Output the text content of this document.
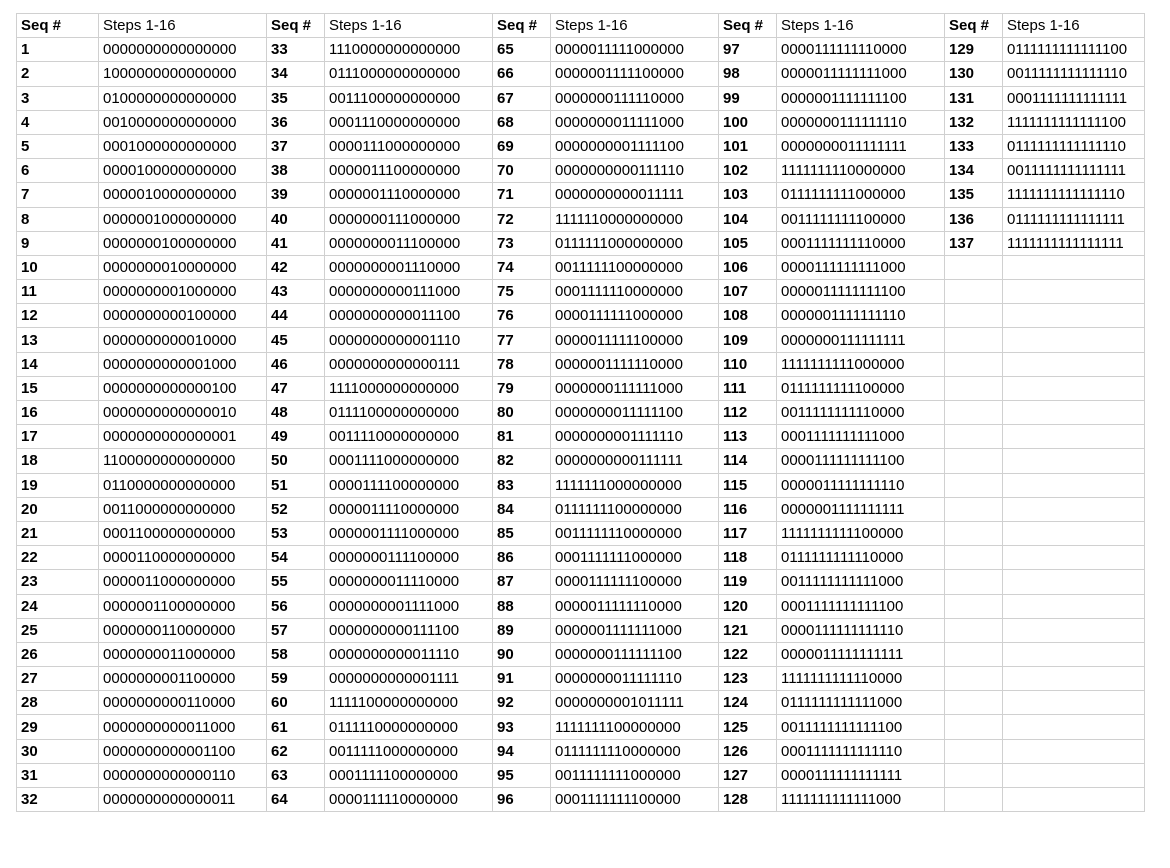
Seq #	Steps 1-16	Seq #	Steps 1-16	Seq #	Steps 1-16	Seq #	Steps 1-16	Seq #	Steps 1-16
1	0000000000000000	33	1110000000000000	65	0000011111000000	97	0000111111110000	129	0111111111111100
2	1000000000000000	34	0111000000000000	66	0000001111100000	98	0000011111111000	130	0011111111111110
3	0100000000000000	35	0011100000000000	67	0000000111110000	99	0000001111111100	131	0001111111111111
4	0010000000000000	36	0001110000000000	68	0000000011111000	100	0000000111111110	132	1111111111111100
5	0001000000000000	37	0000111000000000	69	0000000001111100	101	0000000011111111	133	0111111111111110
6	0000100000000000	38	0000011100000000	70	0000000000111110	102	1111111110000000	134	0011111111111111
7	0000010000000000	39	0000001110000000	71	0000000000011111	103	0111111111000000	135	1111111111111110
8	0000001000000000	40	0000000111000000	72	1111110000000000	104	0011111111100000	136	0111111111111111
9	0000000100000000	41	0000000011100000	73	0111111000000000	105	0001111111110000	137	1111111111111111
10	0000000010000000	42	0000000001110000	74	0011111100000000	106	0000111111111000		
11	0000000001000000	43	0000000000111000	75	0001111110000000	107	0000011111111100		
12	0000000000100000	44	0000000000011100	76	0000111111000000	108	0000001111111110		
13	0000000000010000	45	0000000000001110	77	0000011111100000	109	0000000111111111		
14	0000000000001000	46	0000000000000111	78	0000001111110000	110	1111111111000000		
15	0000000000000100	47	1111000000000000	79	0000000111111000	111	0111111111100000		
16	0000000000000010	48	0111100000000000	80	0000000011111100	112	0011111111110000		
17	0000000000000001	49	0011110000000000	81	0000000001111110	113	0001111111111000		
18	1100000000000000	50	0001111000000000	82	0000000000111111	114	0000111111111100		
19	0110000000000000	51	0000111100000000	83	1111111000000000	115	0000011111111110		
20	0011000000000000	52	0000011110000000	84	0111111100000000	116	0000001111111111		
21	0001100000000000	53	0000001111000000	85	0011111110000000	117	1111111111100000		
22	0000110000000000	54	0000000111100000	86	0001111111000000	118	0111111111110000		
23	0000011000000000	55	0000000011110000	87	0000111111100000	119	0011111111111000		
24	0000001100000000	56	0000000001111000	88	0000011111110000	120	0001111111111100		
25	0000000110000000	57	0000000000111100	89	0000001111111000	121	0000111111111110		
26	0000000011000000	58	0000000000011110	90	0000000111111100	122	0000011111111111		
27	0000000001100000	59	0000000000001111	91	0000000011111110	123	1111111111110000		
28	0000000000110000	60	1111100000000000	92	0000000001011111	124	0111111111111000		
29	0000000000011000	61	0111110000000000	93	1111111100000000	125	0011111111111100		
30	0000000000001100	62	0011111000000000	94	0111111110000000	126	0001111111111110		
31	0000000000000110	63	0001111100000000	95	0011111111000000	127	0000111111111111		
32	0000000000000011	64	0000111110000000	96	0001111111100000	128	1111111111111000		
